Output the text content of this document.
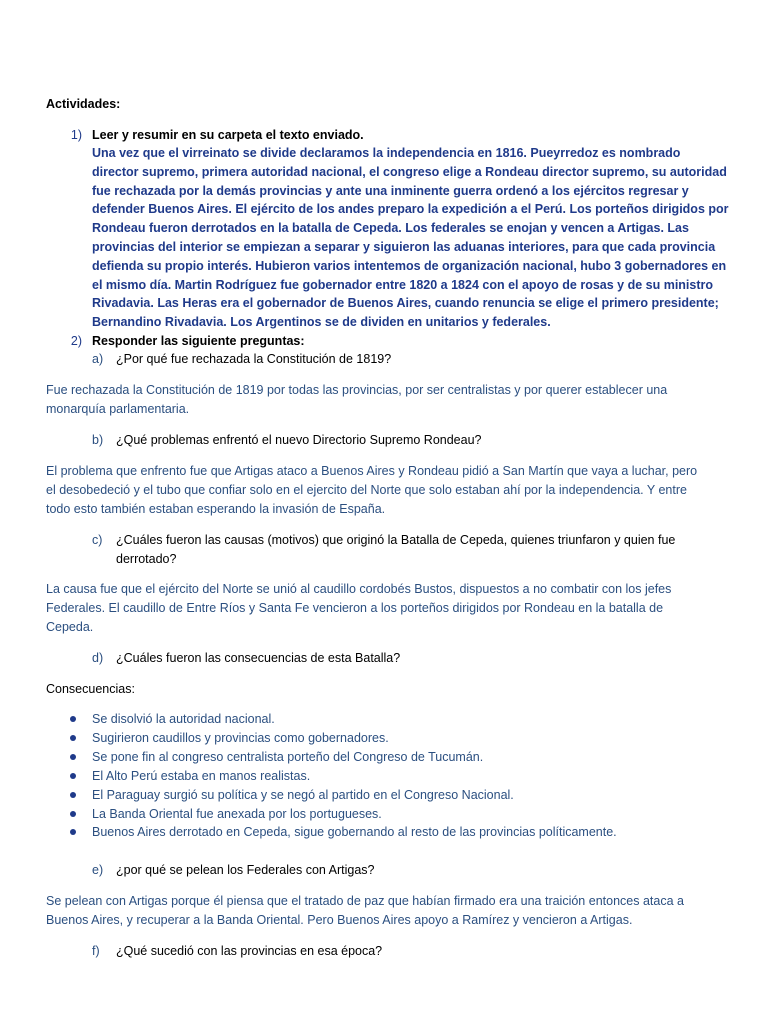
Actividades:
1) Leer y resumir en su carpeta el texto enviado.
Una vez que el virreinato se divide declaramos la independencia en 1816. Pueyrredoz es nombrado
director supremo, primera autoridad nacional, el congreso elige a Rondeau director supremo, su autoridad
fue rechazada por la demás provincias y ante una inminente guerra ordenó a los ejércitos regresar y
defender Buenos Aires. El ejército de los andes preparo la expedición a el Perú. Los porteños dirigidos por
Rondeau fueron derrotados en la batalla de Cepeda. Los federales se enojan y vencen a Artigas. Las
provincias del interior se empiezan a separar y siguieron las aduanas interiores, para que cada provincia
defienda su propio interés. Hubieron varios intentemos de organización nacional, hubo 3 gobernadores en
el mismo día. Martin Rodríguez fue gobernador entre 1820 a 1824 con el apoyo de rosas y de su ministro
Rivadavia. Las Heras era el gobernador de Buenos Aires, cuando renuncia se elige el primero presidente;
Bernandino Rivadavia. Los Argentinos se de dividen en unitarios y federales.
2) Responder las siguiente preguntas:
a) ¿Por qué fue rechazada la Constitución de 1819?
Fue rechazada la Constitución de 1819 por todas las provincias, por ser centralistas y por querer establecer una
monarquía parlamentaria.
b) ¿Qué problemas enfrentó el nuevo Directorio Supremo Rondeau?
El problema que enfrento fue que Artigas ataco a Buenos Aires y Rondeau pidió a San Martín que vaya a luchar, pero
el desobedeció y el tubo que confiar solo en el ejercito del Norte que solo estaban ahí por la independencia. Y entre
todo esto también estaban esperando la invasión de España.
c) ¿Cuáles fueron las causas (motivos) que originó la Batalla de Cepeda, quienes triunfaron y quien fue
derrotado?
La causa fue que el ejército del Norte se unió al caudillo cordobés Bustos, dispuestos a no combatir con los jefes
Federales. El caudillo de Entre Ríos y Santa Fe vencieron a los porteños dirigidos por Rondeau en la batalla de
Cepeda.
d) ¿Cuáles fueron las consecuencias de esta Batalla?
Consecuencias:
Se disolvió la autoridad nacional.
Sugirieron caudillos y provincias como gobernadores.
Se pone fin al congreso centralista porteño del Congreso de Tucumán.
El Alto Perú estaba en manos realistas.
El Paraguay surgió su política y se negó al partido en el Congreso Nacional.
La Banda Oriental fue anexada por los portugueses.
Buenos Aires derrotado en Cepeda, sigue gobernando al resto de las provincias políticamente.
e) ¿por qué se pelean los Federales con Artigas?
Se pelean con Artigas porque él piensa que el tratado de paz que habían firmado era una traición entonces ataca a
Buenos Aires, y recuperar a la Banda Oriental. Pero Buenos Aires apoyo a Ramírez y vencieron a Artigas.
f) ¿Qué sucedió con las provincias en esa época?
